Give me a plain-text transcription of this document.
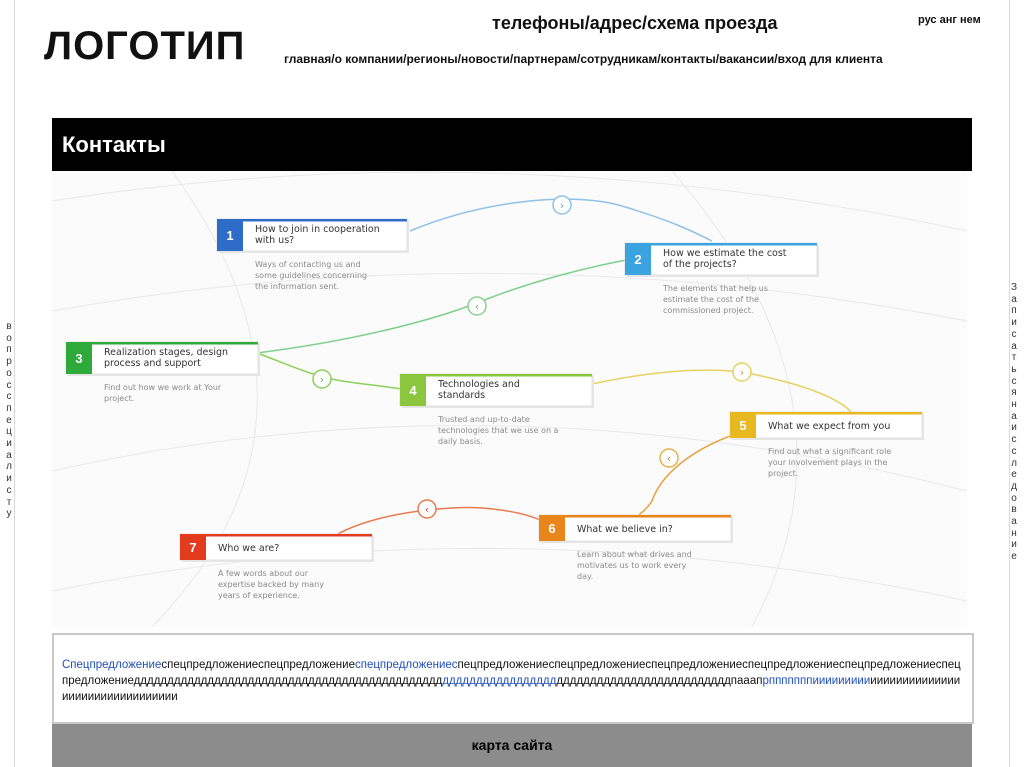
ЛОГОТИП
телефоны/адрес/схема проезда	рус анг нем
главная/о компании/регионы/новости/партнерам/сотрудникам/контакты/вакансии/вход для клиента
Контакты
›
‹
›
›
‹
‹
1 How to join in cooperation
with us?
Ways of contacting us and
some guidelines concerning
the information sent.
2 How we estimate the cost
of the projects?
The elements that help us
estimate the cost of the
commissioned project.
3 Realization stages, design
process and support
Find out how we work at Your
project.
4 Technologies and
standards
Trusted and up-to-date
technologies that we use on a
daily basis.
5 What we expect from you
Find out what a significant role
your involvement plays in the
project.
6 What we believe in?
Learn about what drives and
motivates us to work every
day.
7 Who we are?
A few words about our
expertise backed by many
years of experience.
в
о
п
р
о
с
с
п
е
ц
и
а
л
и
с
т
у
З
а
п
и
с
а
т
ь
с
я
н
а
и
с
с
л
е
д
о
в
а
н
и
е
Спецпредложениеспецпредложениеспецпредложениеспецпредложениеспецпредложениеспецпредложениеспецпредложениеспецпредложениеспецпредложениеспецпредложениедддддддддддддддддддддддддддддддддддддддддддддддддддддддддддддддддддддддддддддддддддддддддпааапрпппппппиииииииииииииииииииииииииииииииииииииииии
карта сайта
